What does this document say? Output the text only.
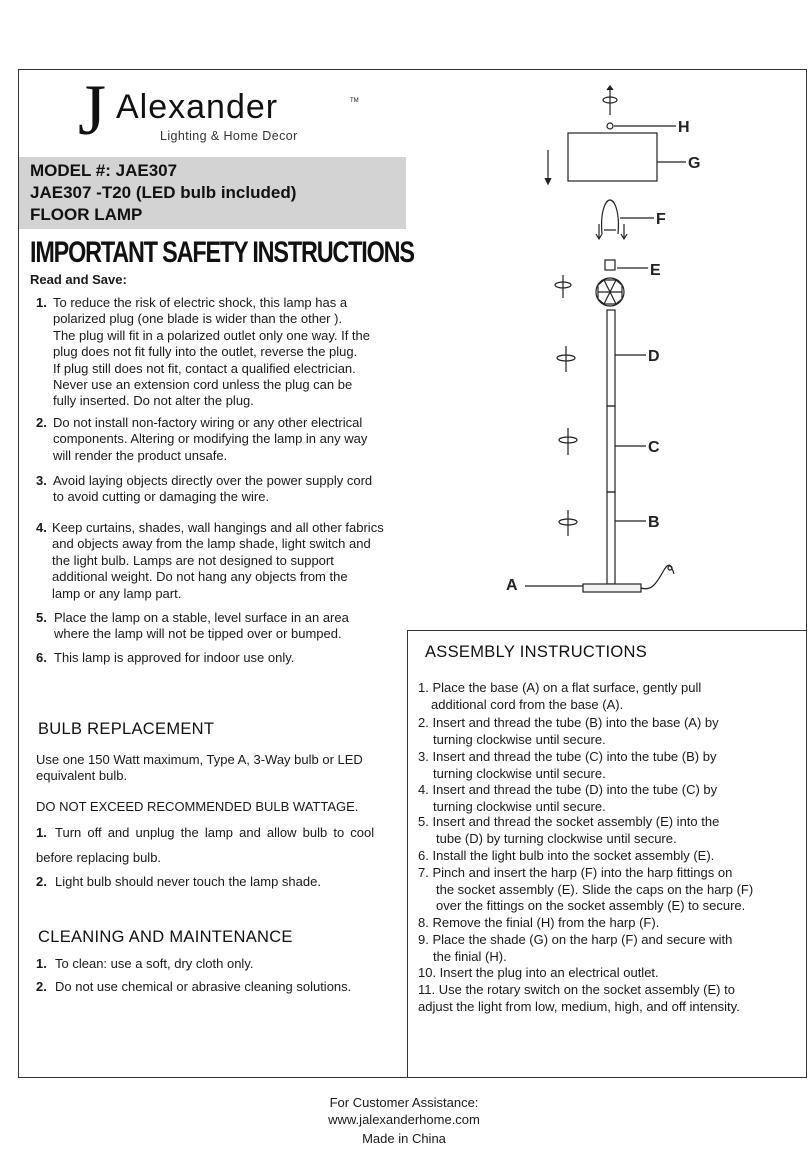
J Alexander	TM
Lighting & Home Decor
MODEL #: JAE307
JAE307 -T20 (LED bulb included)
FLOOR LAMP
IMPORTANT SAFETY INSTRUCTIONS
Read and Save:
1. To reduce the risk of electric shock, this lamp has a
polarized plug (one blade is wider than the other ).
The plug will fit in a polarized outlet only one way. If the
plug does not fit fully into the outlet, reverse the plug.
If plug still does not fit, contact a qualified electrician.
Never use an extension cord unless the plug can be
fully inserted. Do not alter the plug.
2. Do not install non-factory wiring or any other electrical
components. Altering or modifying the lamp in any way
will render the product unsafe.
3. Avoid laying objects directly over the power supply cord
to avoid cutting or damaging the wire.
4. Keep curtains, shades, wall hangings and all other fabrics
and objects away from the lamp shade, light switch and
the light bulb. Lamps are not designed to support
additional weight. Do not hang any objects from the
lamp or any lamp part.
5. Place the lamp on a stable, level surface in an area
where the lamp will not be tipped over or bumped.
6. This lamp is approved for indoor use only.
BULB REPLACEMENT
Use one 150 Watt maximum, Type A, 3-Way bulb or LED
equivalent bulb.
DO NOT EXCEED RECOMMENDED BULB WATTAGE.
1. Turn off and unplug the lamp and allow bulb to cool
before replacing bulb.
2. Light bulb should never touch the lamp shade.
CLEANING AND MAINTENANCE
1. To clean: use a soft, dry cloth only.
2. Do not use chemical or abrasive cleaning solutions.
ASSEMBLY INSTRUCTIONS
1. Place the base (A) on a flat surface, gently pull
additional cord from the base (A).
2. Insert and thread the tube (B) into the base (A) by
turning clockwise until secure.
3. Insert and thread the tube (C) into the tube (B) by
turning clockwise until secure.
4. Insert and thread the tube (D) into the tube (C) by
turning clockwise until secure.
5. Insert and thread the socket assembly (E) into the
tube (D) by turning clockwise until secure.
6. Install the light bulb into the socket assembly (E).
7. Pinch and insert the harp (F) into the harp fittings on
the socket assembly (E). Slide the caps on the harp (F)
over the fittings on the socket assembly (E) to secure.
8. Remove the finial (H) from the harp (F).
9. Place the shade (G) on the harp (F) and secure with
the finial (H).
10. Insert the plug into an electrical outlet.
11. Use the rotary switch on the socket assembly (E) to
adjust the light from low, medium, high, and off intensity.
H
G
F
E
D
C
B
A
For Customer Assistance:
www.jalexanderhome.com
Made in China
